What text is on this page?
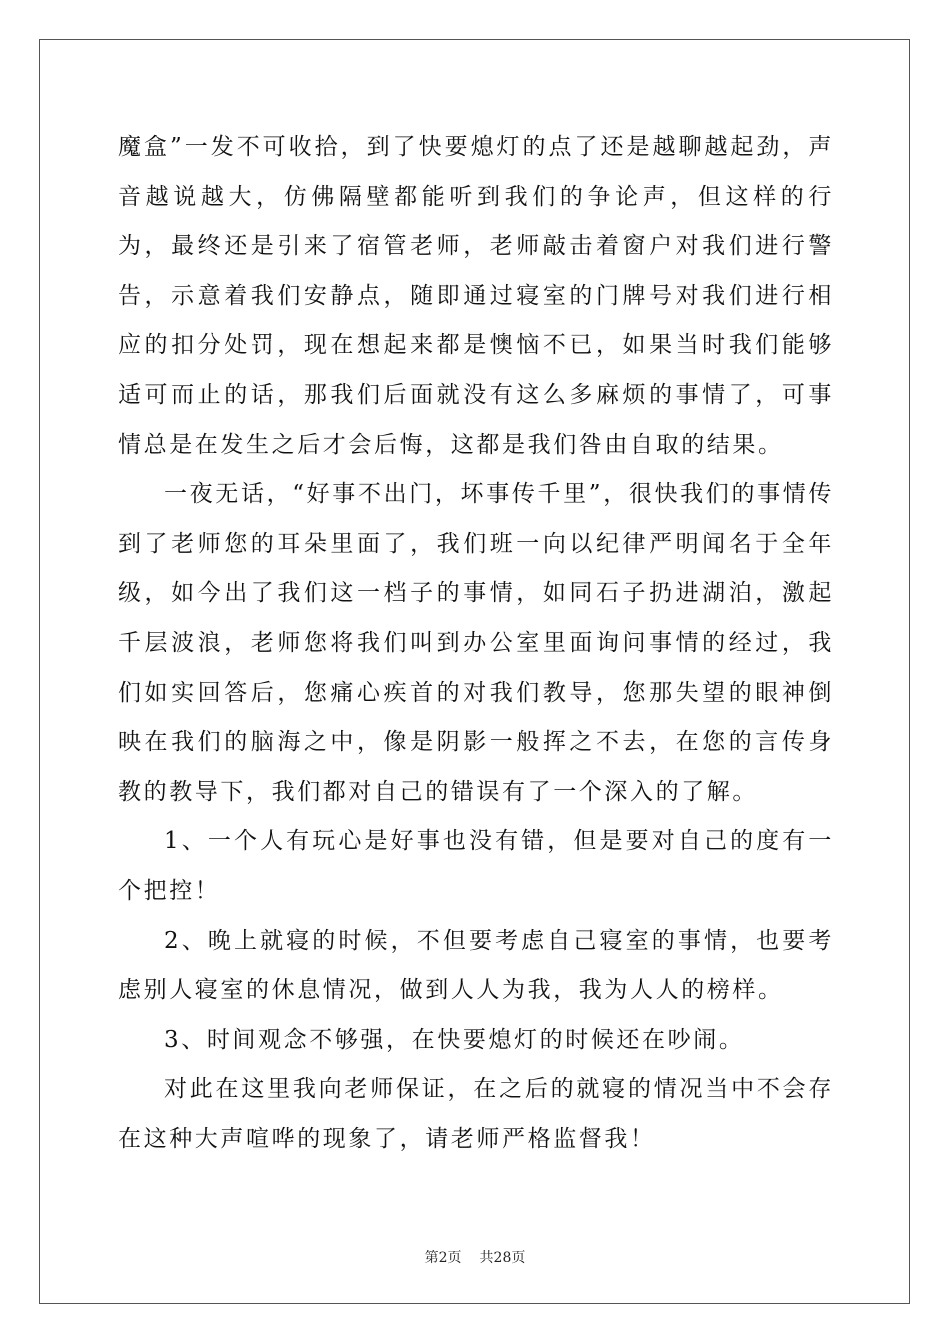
魔盒”一发不可收拾，到了快要熄灯的点了还是越聊越起劲，声音越说越大，仿佛隔壁都能听到我们的争论声，但这样的行为，最终还是引来了宿管老师，老师敲击着窗户对我们进行警告，示意着我们安静点，随即通过寝室的门牌号对我们进行相应的扣分处罚，现在想起来都是懊恼不已，如果当时我们能够适可而止的话，那我们后面就没有这么多麻烦的事情了，可事情总是在发生之后才会后悔，这都是我们咎由自取的结果。

一夜无话，“好事不出门，坏事传千里”，很快我们的事情传到了老师您的耳朵里面了，我们班一向以纪律严明闻名于全年级，如今出了我们这一档子的事情，如同石子扔进湖泊，激起千层波浪，老师您将我们叫到办公室里面询问事情的经过，我们如实回答后，您痛心疾首的对我们教导，您那失望的眼神倒映在我们的脑海之中，像是阴影一般挥之不去，在您的言传身教的教导下，我们都对自己的错误有了一个深入的了解。

1、一个人有玩心是好事也没有错，但是要对自己的度有一个把控！

2、晚上就寝的时候，不但要考虑自己寝室的事情，也要考虑别人寝室的休息情况，做到人人为我，我为人人的榜样。

3、时间观念不够强，在快要熄灯的时候还在吵闹。

对此在这里我向老师保证，在之后的就寝的情况当中不会存在这种大声喧哗的现象了，请老师严格监督我！

第2页 共28页
